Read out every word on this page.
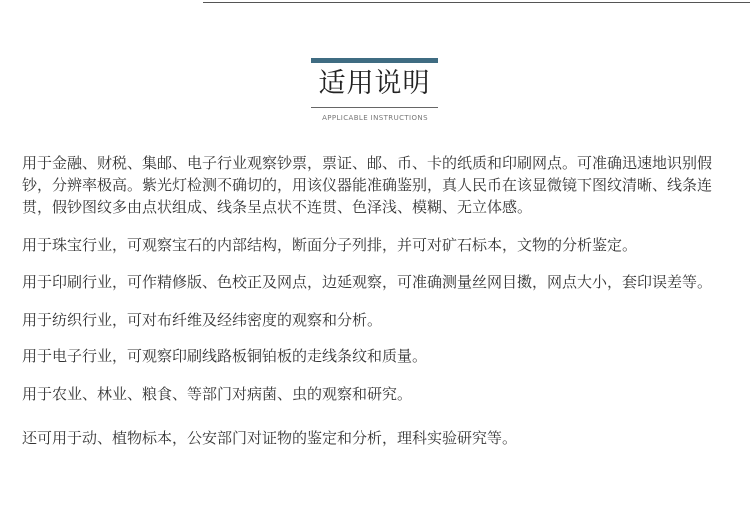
适用说明
APPLICABLE INSTRUCTIONS

用于金融、财税、集邮、电子行业观察钞票，票证、邮、币、卡的纸质和印刷网点。可准确迅速地识别假钞，分辨率极高。紫光灯检测不确切的，用该仪器能准确鉴别，真人民币在该显微镜下图纹清晰、线条连贯，假钞图纹多由点状组成、线条呈点状不连贯、色泽浅、模糊、无立体感。

用于珠宝行业，可观察宝石的内部结构，断面分子列排，并可对矿石标本，文物的分析鉴定。

用于印刷行业，可作精修版、色校正及网点，边延观察，可准确测量丝网目擞，网点大小，套印误差等。

用于纺织行业，可对布纤维及经纬密度的观察和分析。

用于电子行业，可观察印刷线路板铜铂板的走线条纹和质量。

用于农业、林业、粮食、等部门对病菌、虫的观察和研究。

还可用于动、植物标本，公安部门对证物的鉴定和分析，理科实验研究等。
